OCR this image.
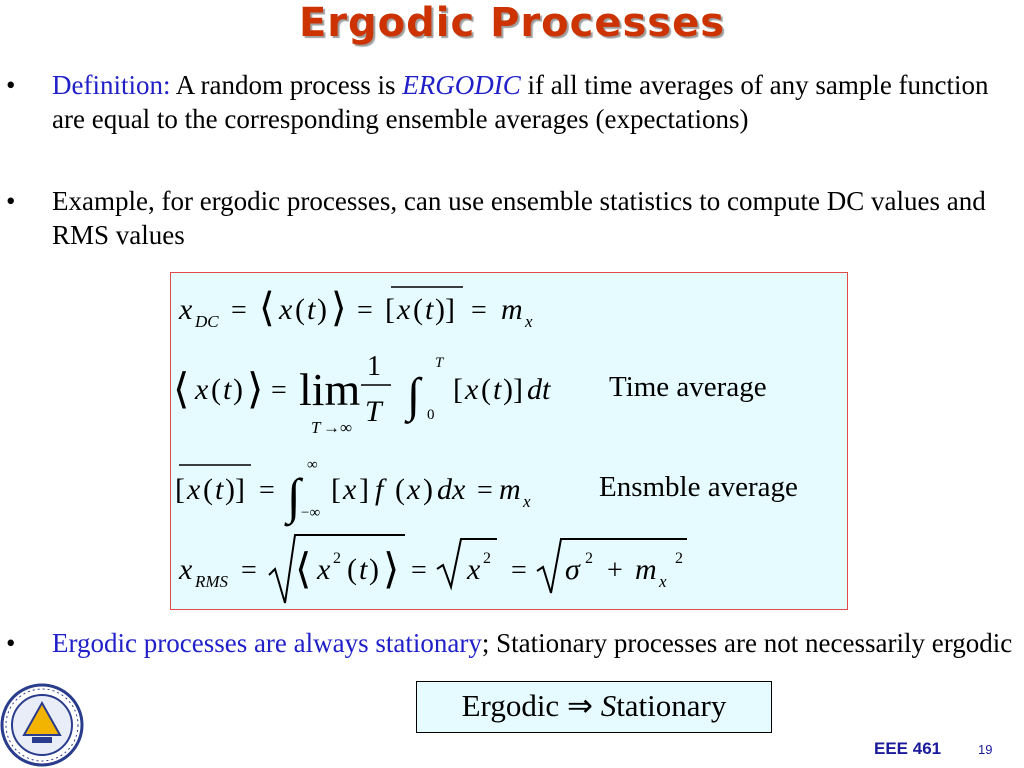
Ergodic Processes
• Definition: A random process is ERGODIC if all time averages of any sample function are equal to the corresponding ensemble averages (expectations)
• Example, for ergodic processes, can use ensemble statistics to compute DC values and RMS values
x DC = ⟨ x ( t ) ⟩ = [ x ( t )] = m x
⟨ x ( t ) ⟩ = lim
T →∞
1
T ∫
T
0
[ x ( t )] dt
[ x ( t )] = ∫
∞
−∞
[ x ] f ( x ) dx = m x
x RMS = ⟨ x 2 ( t ) ⟩ = x 2 = σ 2 + m x
2
Time average
Ensmble average
• Ergodic processes are always stationary; Stationary processes are not necessarily ergodic
Ergodic ⇒ Stationary
EEE 461	19
